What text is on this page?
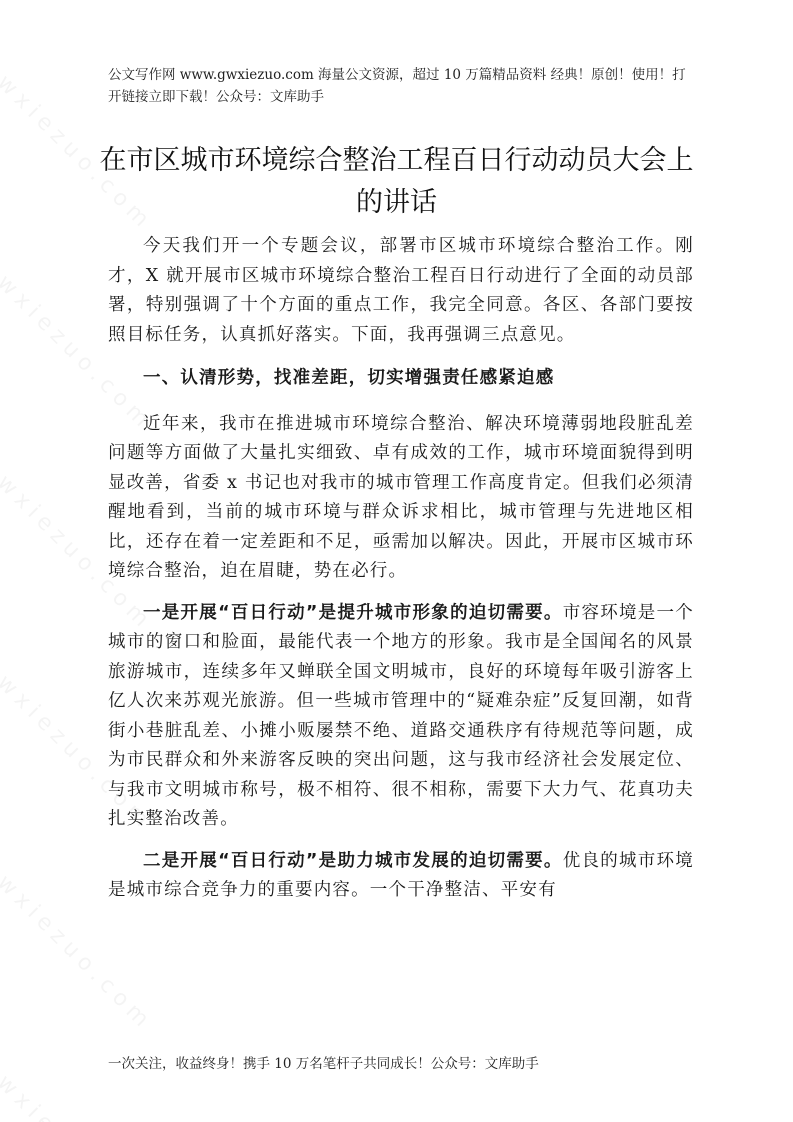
公文写作网 www.gwxiezuo.com 海量公文资源，超过 10 万篇精品资料 经典！原创！使用！打开链接立即下载！公众号：文库助手
在市区城市环境综合整治工程百日行动动员大会上的讲话

今天我们开一个专题会议，部署市区城市环境综合整治工作。刚才，X 就开展市区城市环境综合整治工程百日行动进行了全面的动员部署，特别强调了十个方面的重点工作，我完全同意。各区、各部门要按照目标任务，认真抓好落实。下面，我再强调三点意见。

一、认清形势，找准差距，切实增强责任感紧迫感

近年来，我市在推进城市环境综合整治、解决环境薄弱地段脏乱差问题等方面做了大量扎实细致、卓有成效的工作，城市环境面貌得到明显改善，省委 x 书记也对我市的城市管理工作高度肯定。但我们必须清醒地看到，当前的城市环境与群众诉求相比，城市管理与先进地区相比，还存在着一定差距和不足，亟需加以解决。因此，开展市区城市环境综合整治，迫在眉睫，势在必行。

一是开展“百日行动”是提升城市形象的迫切需要。市容环境是一个城市的窗口和脸面，最能代表一个地方的形象。我市是全国闻名的风景旅游城市，连续多年又蝉联全国文明城市，良好的环境每年吸引游客上亿人次来苏观光旅游。但一些城市管理中的“疑难杂症”反复回潮，如背街小巷脏乱差、小摊小贩屡禁不绝、道路交通秩序有待规范等问题，成为市民群众和外来游客反映的突出问题，这与我市经济社会发展定位、与我市文明城市称号，极不相符、很不相称，需要下大力气、花真功夫扎实整治改善。

二是开展“百日行动”是助力城市发展的迫切需要。优良的城市环境是城市综合竞争力的重要内容。一个干净整洁、平安有

一次关注，收益终身！携手 10 万名笔杆子共同成长！公众号：文库助手
